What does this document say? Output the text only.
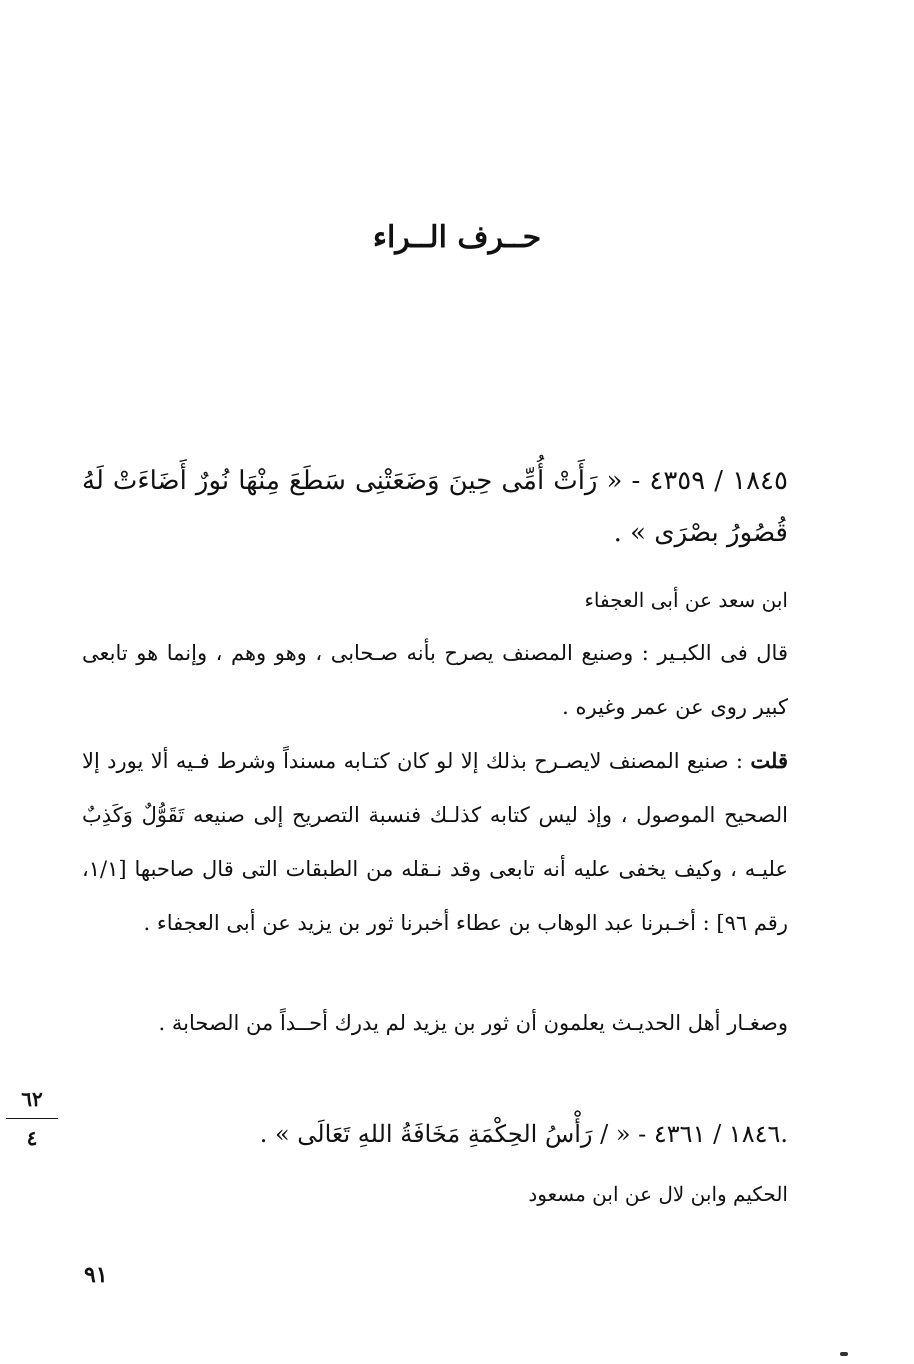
حــرف الــراء
١٨٤٥ / ٤٣٥٩ - « رَأَتْ أُمِّى حِينَ وَضَعَتْنِى سَطَعَ مِنْهَا نُورٌ أَضَاءَتْ لَهُ قُصُورُ بصْرَى » .
ابن سعد عن أبى العجفاء
قال فى الكبـير : وصنيع المصنف يصرح بأنه صـحابى ، وهو وهم ، وإنما هو تابعى كبير روى عن عمر وغيره .
قلت : صنيع المصنف لايصـرح بذلك إلا لو كان كتـابه مسنداً وشرط فـيه ألا يورد إلا الصحيح الموصول ، وإذ ليس كتابه كذلـك فنسبة التصريح إلى صنيعه تَقَوُّلٌ وَكَذِبٌ عليـه ، وكيف يخفى عليه أنه تابعى وقد نـقله من الطبقات التى قال صاحبها [١/١، رقم ٩٦] : أخـبرنا عبد الوهاب بن عطاء أخبرنا ثور بن يزيد عن أبى العجفاء .
وصغـار أهل الحديـث يعلمون أن ثور بن يزيد لم يدرك أحــداً من الصحابة .
.١٨٤٦ / ٤٣٦١ - « / رَأْسُ الحِكْمَةِ مَخَافَةُ اللهِ تَعَالَى » .
الحكيم وابن لال عن ابن مسعود
٦٢
٤
٩١
